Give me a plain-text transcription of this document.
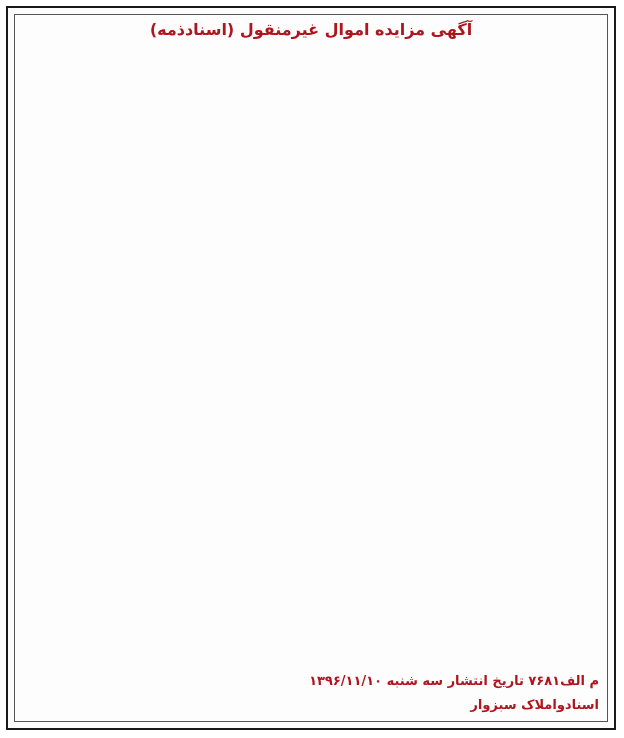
آگهی مزایده اموال غیرمنقول (اسنادذمه)

م الف۷۶۸۱ تاریخ انتشار سه شنبه ۱۳۹۶/۱۱/۱۰
اسنادواملاک سبزوار
